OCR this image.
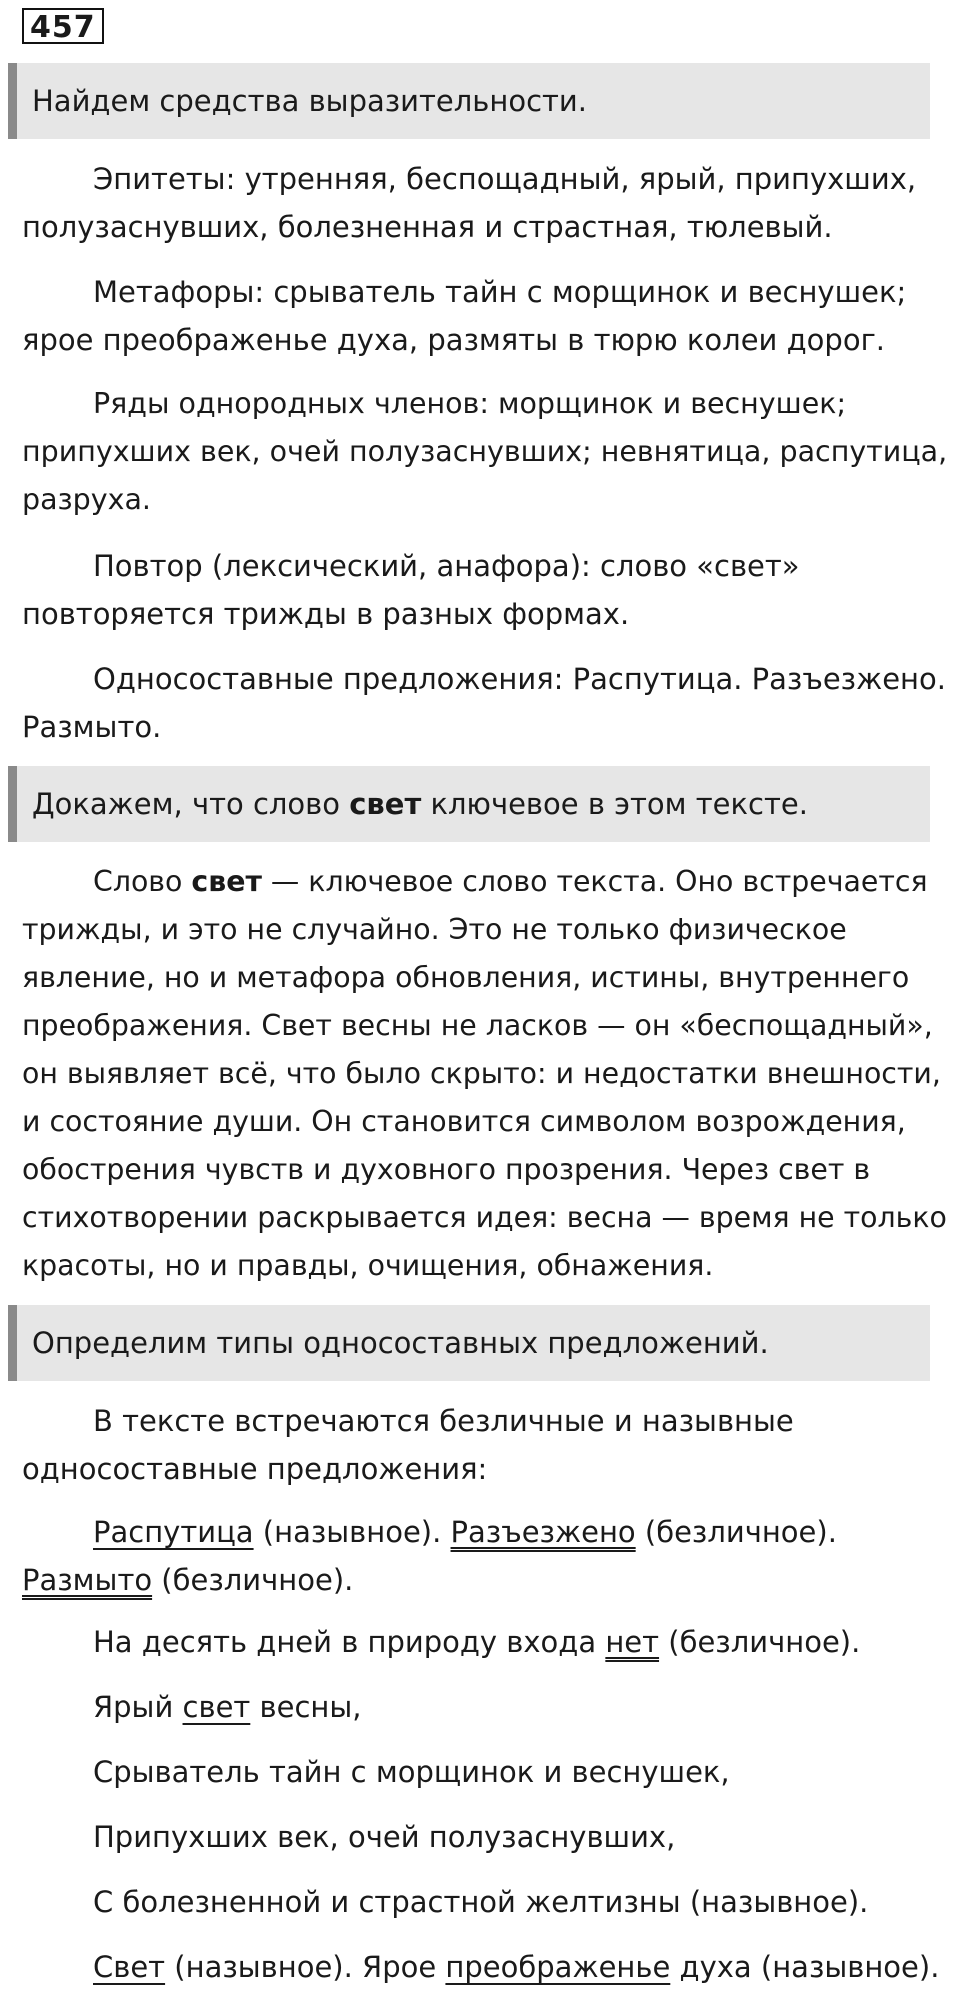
457
Найдем средства выразительности.

Эпитеты: утренняя, беспощадный, ярый, припухших,
полузаснувших, болезненная и страстная, тюлевый.

Метафоры: срыватель тайн с морщинок и веснушек;
ярое преображенье духа, размяты в тюрю колеи дорог.

Ряды однородных членов: морщинок и веснушек;
припухших век, очей полузаснувших; невнятица, распутица,
разруха.

Повтор (лексический, анафора): слово «свет»
повторяется трижды в разных формах.

Односоставные предложения: Распутица. Разъезжено.
Размыто.

Докажем, что слово свет ключевое в этом тексте.

Слово свет — ключевое слово текста. Оно встречается
трижды, и это не случайно. Это не только физическое
явление, но и метафора обновления, истины, внутреннего
преображения. Свет весны не ласков — он «беспощадный»,
он выявляет всё, что было скрыто: и недостатки внешности,
и состояние души. Он становится символом возрождения,
обострения чувств и духовного прозрения. Через свет в
стихотворении раскрывается идея: весна — время не только
красоты, но и правды, очищения, обнажения.

Определим типы односоставных предложений.

В тексте встречаются безличные и назывные
односоставные предложения:

Распутица (назывное). Разъезжено (безличное).
Размыто (безличное).

На десять дней в природу входа нет (безличное).
Ярый свет весны,
Срыватель тайн с морщинок и веснушек,
Припухших век, очей полузаснувших,
С болезненной и страстной желтизны (назывное).
Свет (назывное). Ярое преображенье духа (назывное).
